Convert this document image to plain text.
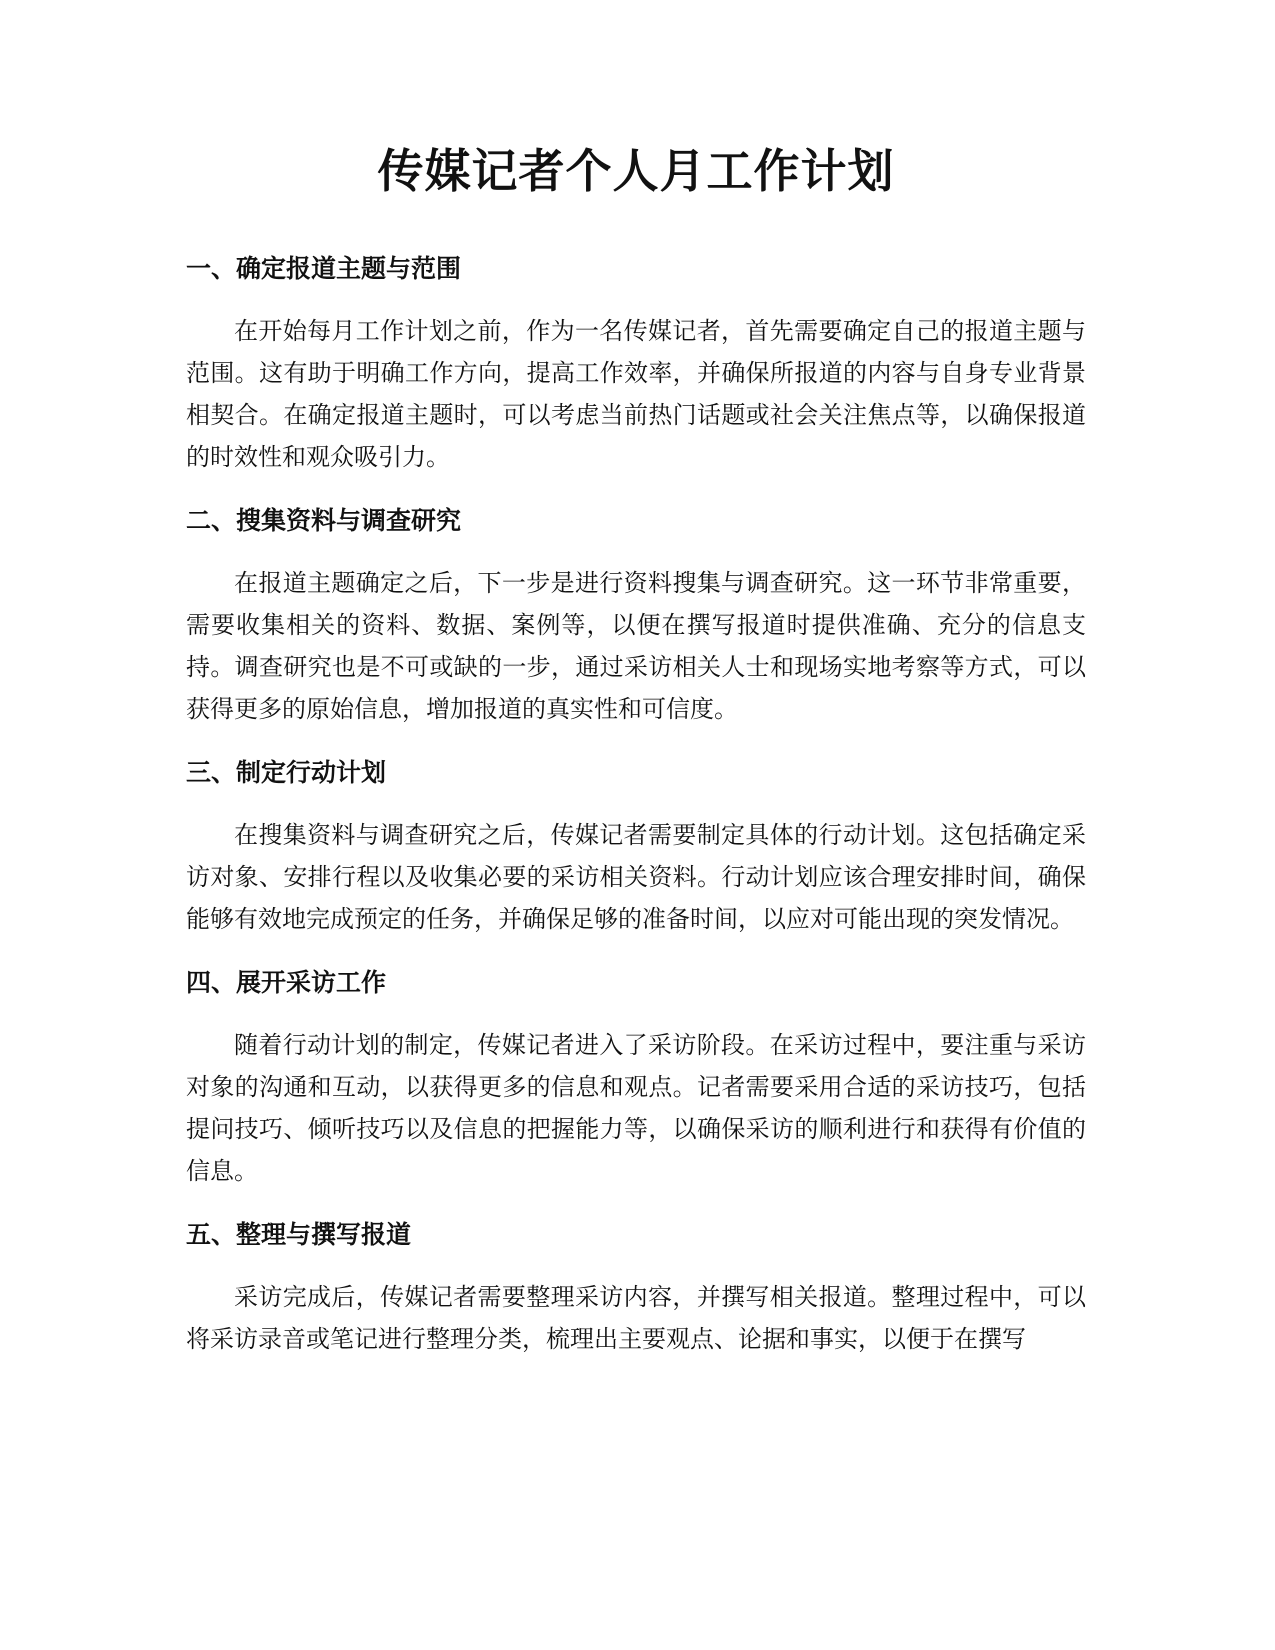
传媒记者个人月工作计划
一、确定报道主题与范围

在开始每月工作计划之前，作为一名传媒记者，首先需要确定自己的报道主题与范围。这有助于明确工作方向，提高工作效率，并确保所报道的内容与自身专业背景相契合。在确定报道主题时，可以考虑当前热门话题或社会关注焦点等，以确保报道的时效性和观众吸引力。

二、搜集资料与调查研究

在报道主题确定之后，下一步是进行资料搜集与调查研究。这一环节非常重要，需要收集相关的资料、数据、案例等，以便在撰写报道时提供准确、充分的信息支持。调查研究也是不可或缺的一步，通过采访相关人士和现场实地考察等方式，可以获得更多的原始信息，增加报道的真实性和可信度。

三、制定行动计划

在搜集资料与调查研究之后，传媒记者需要制定具体的行动计划。这包括确定采访对象、安排行程以及收集必要的采访相关资料。行动计划应该合理安排时间，确保能够有效地完成预定的任务，并确保足够的准备时间，以应对可能出现的突发情况。

四、展开采访工作

随着行动计划的制定，传媒记者进入了采访阶段。在采访过程中，要注重与采访对象的沟通和互动，以获得更多的信息和观点。记者需要采用合适的采访技巧，包括提问技巧、倾听技巧以及信息的把握能力等，以确保采访的顺利进行和获得有价值的信息。

五、整理与撰写报道

采访完成后，传媒记者需要整理采访内容，并撰写相关报道。整理过程中，可以将采访录音或笔记进行整理分类，梳理出主要观点、论据和事实，以便于在撰写
